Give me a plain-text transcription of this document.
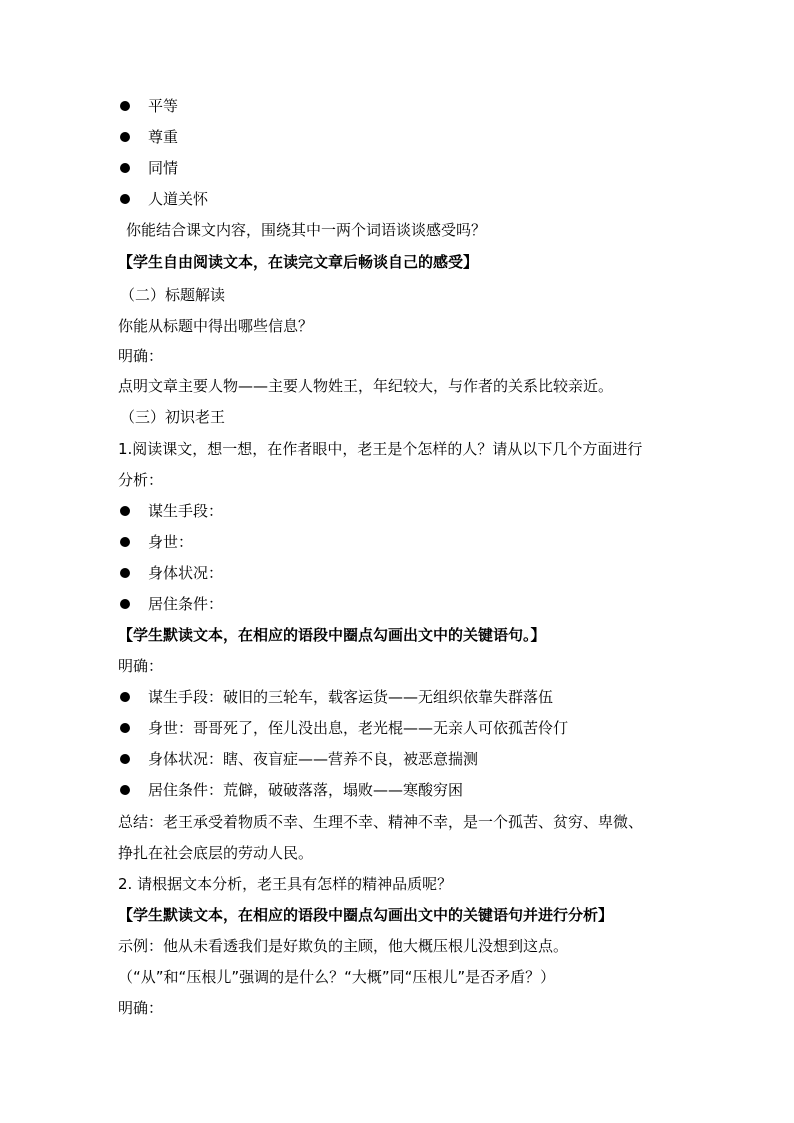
平等
尊重
同情
人道关怀
你能结合课文内容，围绕其中一两个词语谈谈感受吗？
【学生自由阅读文本，在读完文章后畅谈自己的感受】
（二）标题解读
你能从标题中得出哪些信息？
明确：
点明文章主要人物——主要人物姓王，年纪较大，与作者的关系比较亲近。
（三）初识老王
1.阅读课文，想一想，在作者眼中，老王是个怎样的人？请从以下几个方面进行
分析：
谋生手段：
身世：
身体状况：
居住条件：
【学生默读文本，在相应的语段中圈点勾画出文中的关键语句。】
明确：
谋生手段：破旧的三轮车，载客运货——无组织依靠失群落伍
身世：哥哥死了，侄儿没出息，老光棍——无亲人可依孤苦伶仃
身体状况：瞎、夜盲症——营养不良，被恶意揣测
居住条件：荒僻，破破落落，塌败——寒酸穷困
总结：老王承受着物质不幸、生理不幸、精神不幸，是一个孤苦、贫穷、卑微、
挣扎在社会底层的劳动人民。
2. 请根据文本分析，老王具有怎样的精神品质呢？
【学生默读文本，在相应的语段中圈点勾画出文中的关键语句并进行分析】
示例：他从未看透我们是好欺负的主顾，他大概压根儿没想到这点。
（“从”和“压根儿”强调的是什么？“大概”同“压根儿”是否矛盾？）
明确：
